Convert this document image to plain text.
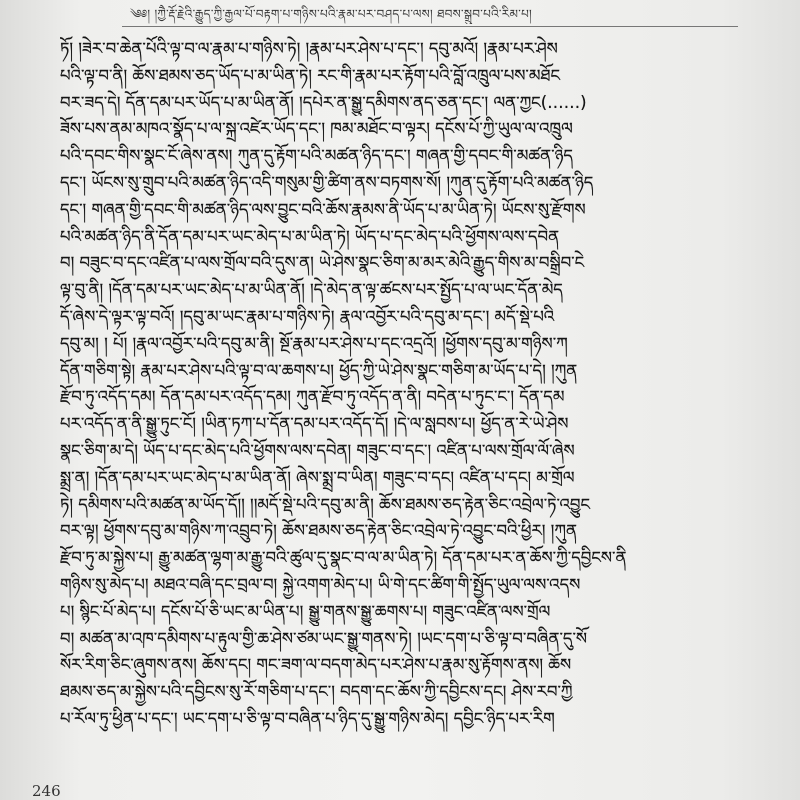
༄༅། །ཀྱཻ་རྡོ་རྗེའི་རྒྱུད་ཀྱི་རྒྱལ་པོ་བརྟག་པ་གཉིས་པའི་རྣམ་པར་བཤད་པ་ལས། ཐབས་སྒྲུབ་པའི་རིམ་པ།
ཏོ། །ཟེར་བ་ཆེན་པོའི་ལྟ་བ་ལ་རྣམ་པ་གཉིས་ཏེ། །རྣམ་པར་ཤེས་པ་དང་། དབུ་མའོ། །རྣམ་པར་ཤེས
པའི་ལྟ་བ་ནི། ཆོས་ཐམས་ཅད་ཡོད་པ་མ་ཡིན་ཏེ། རང་གི་རྣམ་པར་རྟོག་པའི་བློ་འཁྲུལ་པས་མཐོང
བར་ཟད་དེ། དོན་དམ་པར་ཡོད་པ་མ་ཡིན་ནོ། །དཔེར་ན་སྒྱུ་དམིགས་ནད་ཅན་དང་། ལན་ཀྱང(……)
ཟོས་པས་ནམ་མཁའ་སྣོད་པ་ལ་སྐྲ་འཛེར་ཡོད་དང་། ཁམ་མཐོང་བ་ལྟར། དངོས་པོ་ཀྱི་ཡུལ་ལ་འཁྲུལ
པའི་དབང་གིས་སྣང་ངོ་ཞེས་ནས། ཀུན་དུ་རྟོག་པའི་མཚན་ཉིད་དང་། གཞན་གྱི་དབང་གི་མཚན་ཉིད
དང་། ཡོངས་སུ་གྲུབ་པའི་མཚན་ཉིད་འདི་གསུམ་གྱི་ཚིག་ནས་བཏགས་སོ། །ཀུན་དུ་རྟོག་པའི་མཚན་ཉིད
དང་། གཞན་གྱི་དབང་གི་མཚན་ཉིད་ལས་བྱུང་བའི་ཆོས་རྣམས་ནི་ཡོད་པ་མ་ཡིན་ཏེ། ཡོངས་སུ་རྫོགས
པའི་མཚན་ཉིད་ནི་དོན་དམ་པར་ཡང་མེད་པ་མ་ཡིན་ཏེ། ཡོད་པ་དང་མེད་པའི་ཕྱོགས་ལས་དབེན
བ། བཟུང་བ་དང་འཛིན་པ་ལས་གྲོལ་བའི་དུས་ན། ཡེ་ཤེས་སྣང་ཅིག་མ་མར་མེའི་རྒྱུད་གིས་མ་བསྒྲིབ་ངེ
ལྟ་བུ་ནི། །དོན་དམ་པར་ཡང་མེད་པ་མ་ཡིན་ནོ། །དེ་མེད་ན་ལྟ་ཚངས་པར་སྤྱོད་པ་ལ་ཡང་དོན་མེད
དོ་ཞེས་དེ་ལྟར་ལྟ་བའོ། །དབུ་མ་ཡང་རྣམ་པ་གཉིས་ཏེ། རྣལ་འབྱོར་པའི་དབུ་མ་དང་། མདོ་སྡེ་པའི
དབུ་མ། ། པོ། །རྣལ་འབྱོར་པའི་དབུ་མ་ནི། སྔོ་རྣམ་པར་ཤེས་པ་དང་འདྲའོ། །ཕྱོགས་དབུ་མ་གཉིས་ཀ
དོན་གཅིག་སྟེ། རྣམ་པར་ཤེས་པའི་ལྟ་བ་ལ་ཆགས་པ། ཕྱོད་ཀྱི་ཡེ་ཤེས་སྣང་གཅིག་མ་ཡོད་པ་དེ། །ཀུན
རྫོབ་ཏུ་འདོད་དམ། དོན་དམ་པར་འདོད་དམ། ཀུན་རྫོབ་ཏུ་འདོད་ན་ནི། བདེན་པ་ཏུང་ང་། དོན་དམ
པར་འདོད་ན་ནི་སྒྱུ་ཏུང་ངོ། །ཡིན་ཏཀ་པ་དོན་དམ་པར་འདོད་དོ། །དེ་ལ་སླབས་པ། ཕྱོད་ན་རེ་ཡེ་ཤེས
སྣང་ཅིག་མ་དེ། ཡོད་པ་དང་མེད་པའི་ཕྱོགས་ལས་དབེན། གཟུང་བ་དང་། འཛིན་པ་ལས་གྲོལ་ལོ་ཞེས
སྨྲ་ན། །དོན་དམ་པར་ཡང་མེད་པ་མ་ཡིན་ནོ། ཞེས་སྨྲ་བ་ཡིན། གཟུང་བ་དང། འཛིན་པ་དང། མ་གྲོལ
ཏེ། དམིགས་པའི་མཚན་མ་ཡོད་དོ།། །།མདོ་སྡེ་པའི་དབུ་མ་ནི། ཆོས་ཐམས་ཅད་རྟེན་ཅིང་འབྲེལ་ཏེ་འབྱུང
བར་ལྟ། ཕྱོགས་དབུ་མ་གཉིས་ཀ་འབྲུབ་ཏེ། ཆོས་ཐམས་ཅད་རྟེན་ཅིང་འབྲེལ་ཏེ་འབྱུང་བའི་ཕྱིར། །ཀུན
རྫོབ་ཏུ་མ་སྐྱེས་པ། རྒྱུ་མཚན་ལྷག་མ་རྒྱུ་བའི་ཚུལ་དུ་སྣང་བ་ལ་མ་ཡིན་ཏེ། དོན་དམ་པར་ན་ཆོས་ཀྱི་དབྱིངས་ནི
གཉིས་སུ་མེད་པ། མཐའ་བཞི་དང་བྲལ་བ། སྐྱེ་འགག་མེད་པ། ཡི་གེ་དང་ཚིག་གི་སྤྱོད་ཡུལ་ལས་འདས
པ། སྙིང་པོ་མེད་པ། དངོས་པོ་ཅི་ཡང་མ་ཡིན་པ། སྒྱུ་གནས་སྒྱུ་ཆགས་པ། གཟུང་འཛིན་ལས་གྲོལ
བ། མཚན་མ་འཁ་དམིགས་པ་རྟུལ་གྱི་ཆ་ཤེས་ཙམ་ཡང་སྒྱུ་གནས་ཏེ། །ཡང་དག་པ་ཅི་ལྟ་བ་བཞིན་དུ་སོ
སོར་རིག་ཅིང་ཞུགས་ནས། ཆོས་དང། གང་ཟག་ལ་བདག་མེད་པར་ཤེས་པ་རྣམ་སུ་རྟོགས་ནས། ཆོས
ཐམས་ཅད་མ་སྐྱེས་པའི་དབྱིངས་སུ་རོ་གཅིག་པ་དང་། བདག་དང་ཆོས་ཀྱི་དབྱིངས་དང། ཤེས་རབ་ཀྱི
པ་རོལ་ཏུ་ཕྱིན་པ་དང་། ཡང་དག་པ་ཅི་ལྟ་བ་བཞིན་པ་ཉིད་དུ་སྒྱུ་གཉིས་མེད། དབྱིང་ཉིད་པར་རིག
246
